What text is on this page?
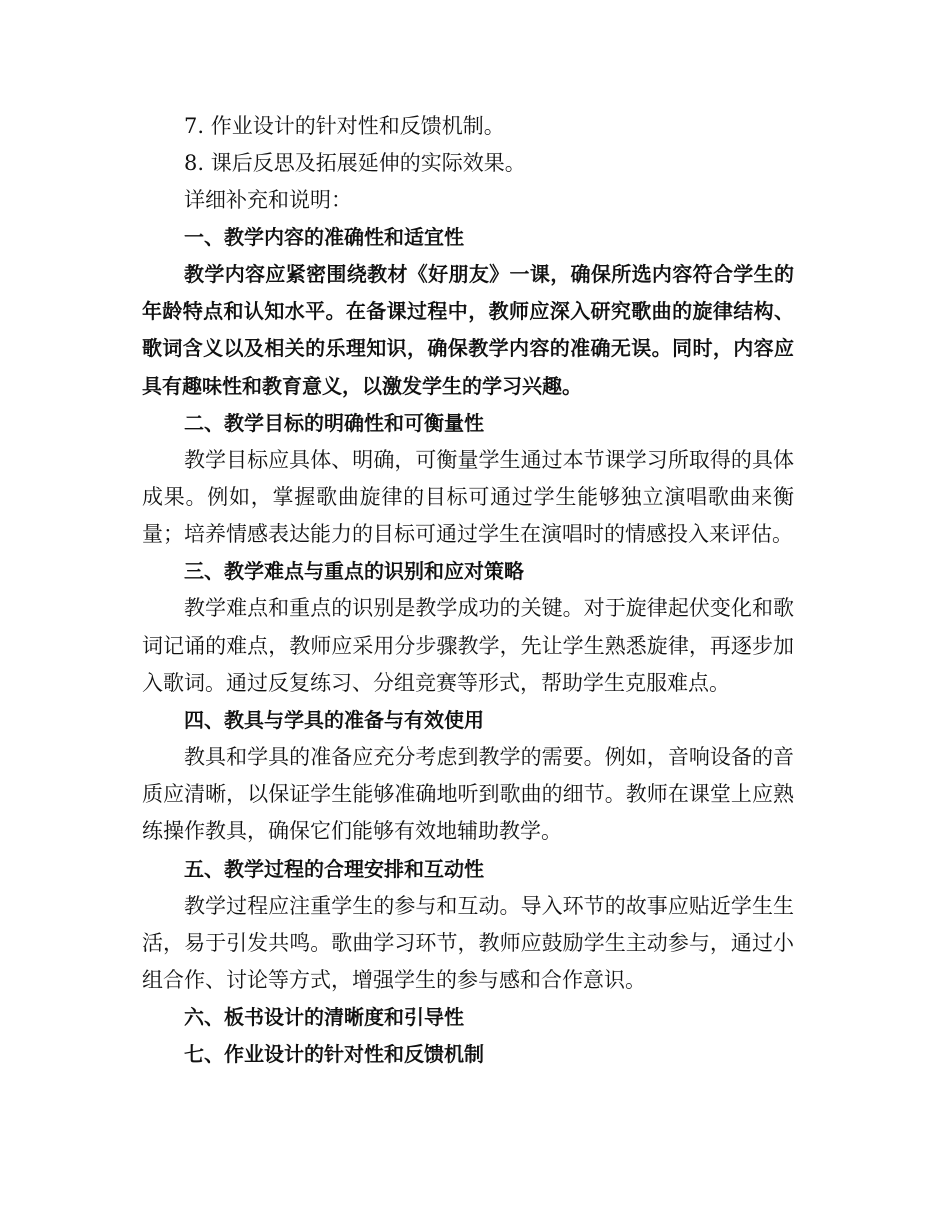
7. 作业设计的针对性和反馈机制。
8. 课后反思及拓展延伸的实际效果。
详细补充和说明：
一、教学内容的准确性和适宜性

教学内容应紧密围绕教材《好朋友》一课，确保所选内容符合学生的年龄特点和认知水平。在备课过程中，教师应深入研究歌曲的旋律结构、歌词含义以及相关的乐理知识，确保教学内容的准确无误。同时，内容应具有趣味性和教育意义，以激发学生的学习兴趣。

二、教学目标的明确性和可衡量性

教学目标应具体、明确，可衡量学生通过本节课学习所取得的具体成果。例如，掌握歌曲旋律的目标可通过学生能够独立演唱歌曲来衡量；培养情感表达能力的目标可通过学生在演唱时的情感投入来评估。

三、教学难点与重点的识别和应对策略

教学难点和重点的识别是教学成功的关键。对于旋律起伏变化和歌词记诵的难点，教师应采用分步骤教学，先让学生熟悉旋律，再逐步加入歌词。通过反复练习、分组竞赛等形式，帮助学生克服难点。

四、教具与学具的准备与有效使用

教具和学具的准备应充分考虑到教学的需要。例如，音响设备的音质应清晰，以保证学生能够准确地听到歌曲的细节。教师在课堂上应熟练操作教具，确保它们能够有效地辅助教学。

五、教学过程的合理安排和互动性

教学过程应注重学生的参与和互动。导入环节的故事应贴近学生生活，易于引发共鸣。歌曲学习环节，教师应鼓励学生主动参与，通过小组合作、讨论等方式，增强学生的参与感和合作意识。

六、板书设计的清晰度和引导性
七、作业设计的针对性和反馈机制
